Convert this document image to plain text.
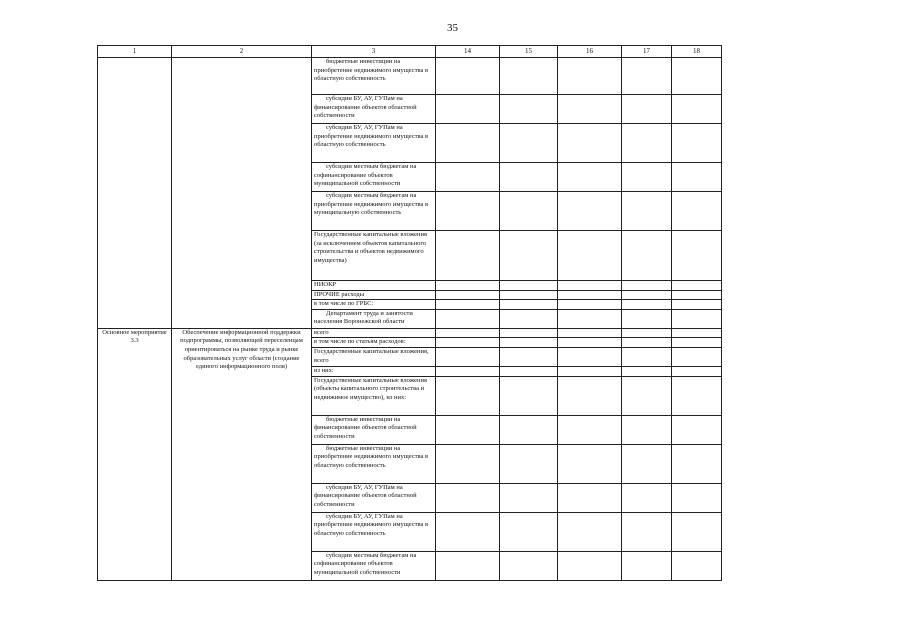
35
1	2	3	14	15	16	17	18
		бюджетные инвестиции на приобретение недвижимого имущества в областную собственность					
		субсидии БУ, АУ, ГУПам на финансирование объектов областной собственности					
		субсидии БУ, АУ, ГУПам на приобретение недвижимого имущества в областную собственность					
		субсидии местным бюджетам на софинансирование объектов муниципальной собственности					
		субсидии местным бюджетам на приобретение недвижимого имущества в муниципальную собственность					
		Государственные капитальные вложения (за исключением объектов капитального строительства и объектов недвижимого имущества)					
		НИОКР					
		ПРОЧИЕ расходы					
		в том числе по ГРБС:					
		Департамент труда и занятости населения Воронежской области					
Основное мероприятие 3.3	Обеспечение информационной поддержки подпрограммы, позволяющей переселенцам ориентироваться на рынке труда и рынке образовательных услуг области (создание единого информационного поля)	всего					
		в том числе по статьям расходов:					
		Государственные капитальные вложения, всего					
		из них:					
		Государственные капитальные вложения (объекты капитального строительства и недвижимое имущество), из них:					
		бюджетные инвестиции на финансирование объектов областной собственности					
		бюджетные инвестиции на приобретение недвижимого имущества в областную собственность					
		субсидии БУ, АУ, ГУПам на финансирование объектов областной собственности					
		субсидии БУ, АУ, ГУПам на приобретение недвижимого имущества в областную собственность					
		субсидии местным бюджетам на софинансирование объектов муниципальной собственности					
